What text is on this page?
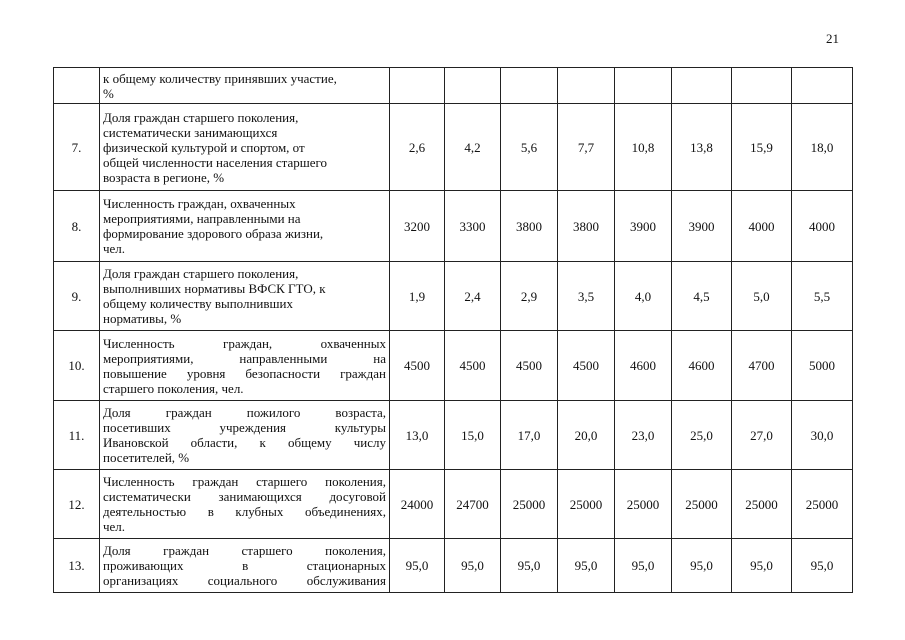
21

	к общему количеству принявших участие,
%								

7.	Доля граждан старшего поколения,
систематически занимающихся
физической культурой и спортом, от
общей численности населения старшего
возраста в регионе, %	2,6	4,2	5,6	7,7	10,8	13,8	15,9	18,0
8.	Численность граждан, охваченных
мероприятиями, направленными на
формирование здорового образа жизни,
чел.	3200	3300	3800	3800	3900	3900	4000	4000
9.	Доля граждан старшего поколения,
выполнивших нормативы ВФСК ГТО, к
общему количеству выполнивших
нормативы, %	1,9	2,4	2,9	3,5	4,0	4,5	5,0	5,5
10.	Численность граждан, охваченных
мероприятиями, направленными на
повышение уровня безопасности граждан
старшего поколения, чел.	4500	4500	4500	4500	4600	4600	4700	5000
11.	Доля граждан пожилого возраста,
посетивших учреждения культуры
Ивановской области, к общему числу
посетителей, %	13,0	15,0	17,0	20,0	23,0	25,0	27,0	30,0
12.	Численность граждан старшего поколения,
систематически занимающихся досуговой
деятельностью в клубных объединениях,
чел.	24000	24700	25000	25000	25000	25000	25000	25000
13.	Доля граждан старшего поколения,
проживающих в стационарных
организациях социального обслуживания	95,0	95,0	95,0	95,0	95,0	95,0	95,0	95,0
